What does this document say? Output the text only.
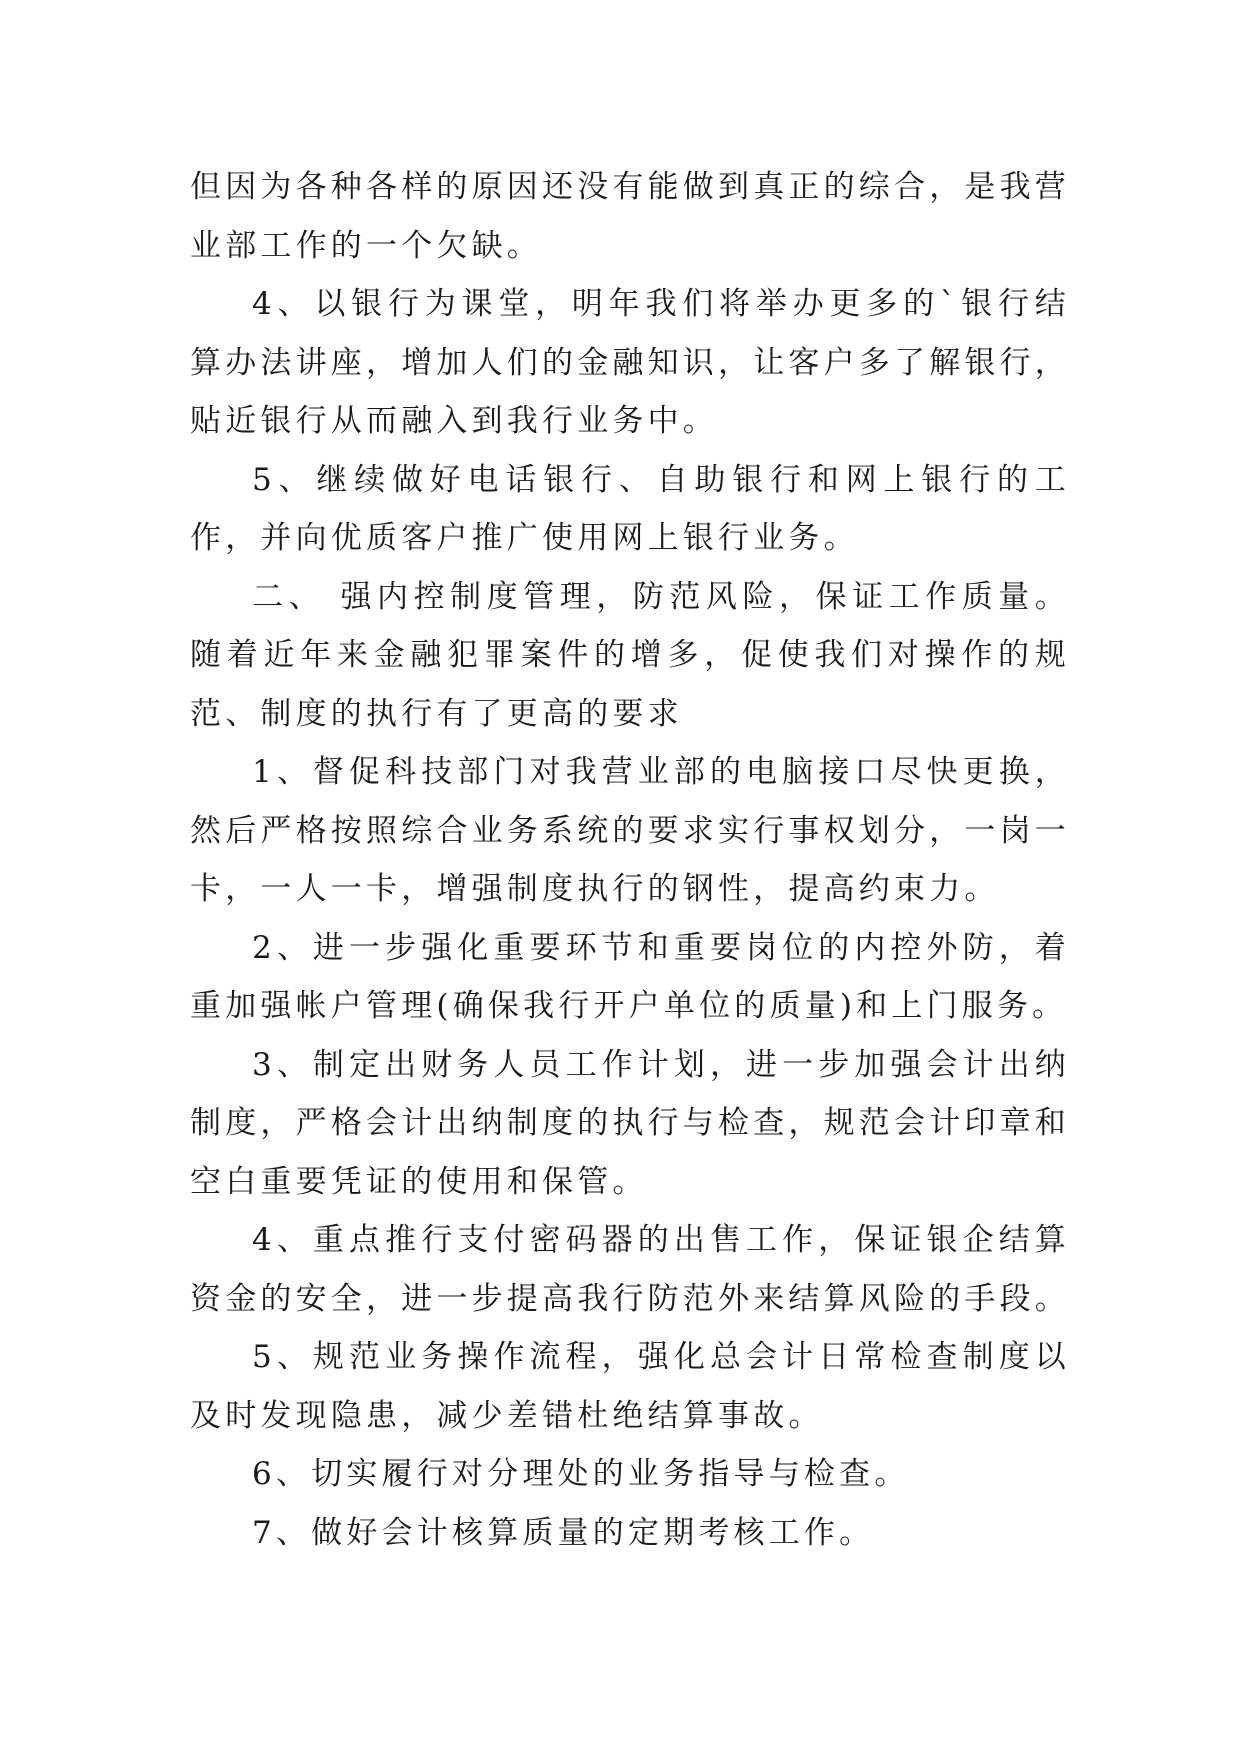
但因为各种各样的原因还没有能做到真正的综合，是我营业部工作的一个欠缺。

4、以银行为课堂，明年我们将举办更多的`银行结算办法讲座，增加人们的金融知识，让客户多了解银行，贴近银行从而融入到我行业务中。

5、继续做好电话银行、自助银行和网上银行的工作，并向优质客户推广使用网上银行业务。

二、 强内控制度管理，防范风险，保证工作质量。随着近年来金融犯罪案件的增多，促使我们对操作的规范、制度的执行有了更高的要求

1、督促科技部门对我营业部的电脑接口尽快更换，然后严格按照综合业务系统的要求实行事权划分，一岗一卡，一人一卡，增强制度执行的钢性，提高约束力。

2、进一步强化重要环节和重要岗位的内控外防，着重加强帐户管理(确保我行开户单位的质量)和上门服务。

3、制定出财务人员工作计划，进一步加强会计出纳制度，严格会计出纳制度的执行与检查，规范会计印章和空白重要凭证的使用和保管。

4、重点推行支付密码器的出售工作，保证银企结算资金的安全，进一步提高我行防范外来结算风险的手段。

5、规范业务操作流程，强化总会计日常检查制度以及时发现隐患，减少差错杜绝结算事故。

6、切实履行对分理处的业务指导与检查。

7、做好会计核算质量的定期考核工作。
